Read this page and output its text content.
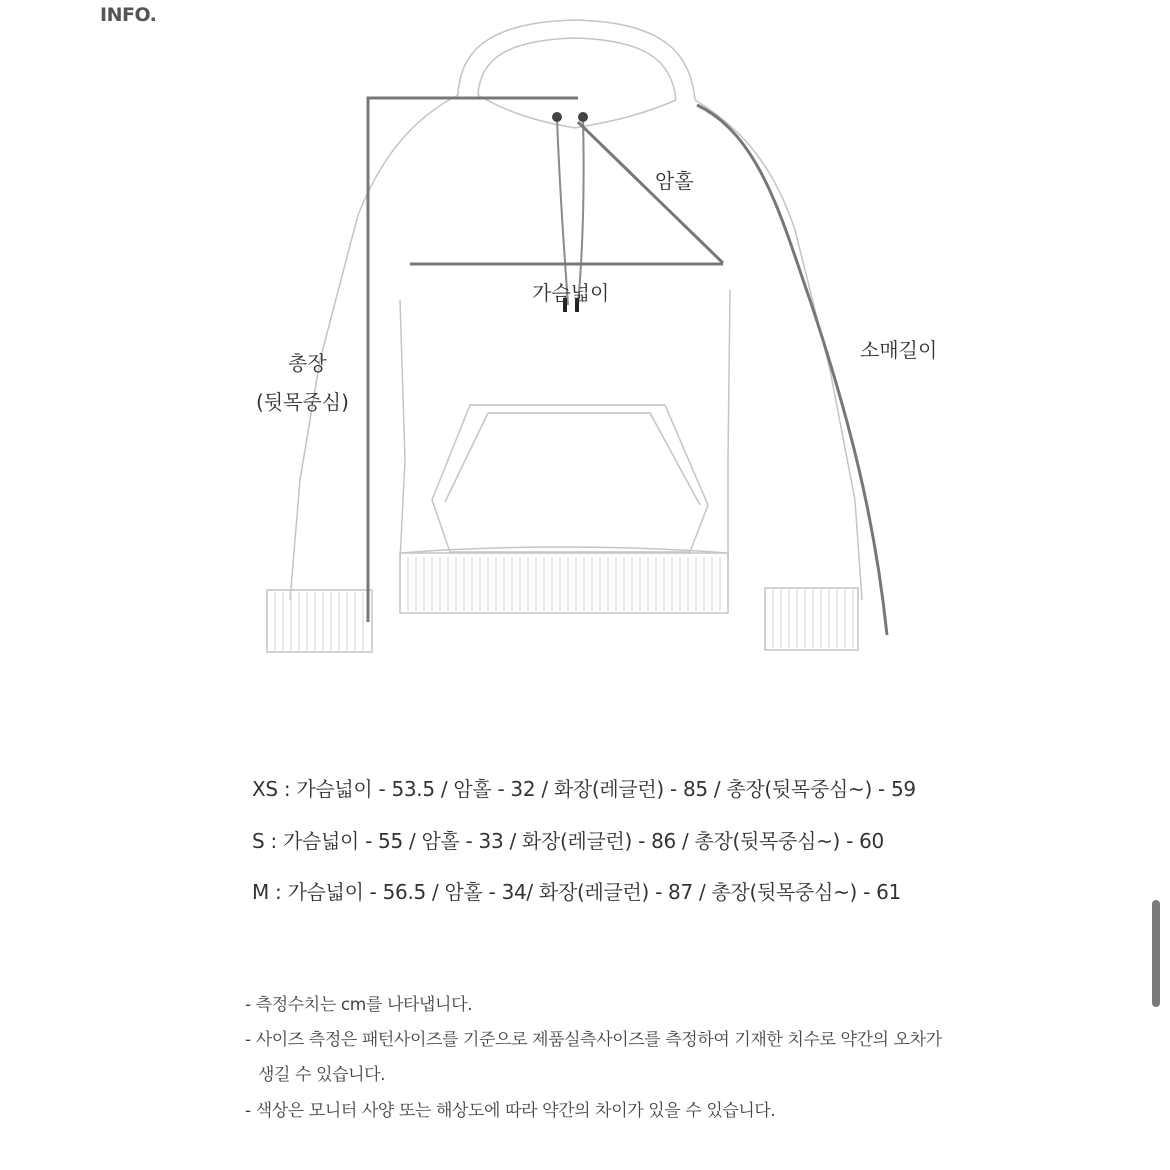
INFO.
암홀
가슴넓이
소매길이
총장
(뒷목중심)
XS : 가슴넓이 - 53.5 / 암홀 - 32 / 화장(레글런) - 85 / 총장(뒷목중심~) - 59
S : 가슴넓이 - 55 / 암홀 - 33 / 화장(레글런) - 86 / 총장(뒷목중심~) - 60
M : 가슴넓이 - 56.5 / 암홀 - 34/ 화장(레글런) - 87 / 총장(뒷목중심~) - 61
- 측정수치는 cm를 나타냅니다.
- 사이즈 측정은 패턴사이즈를 기준으로 제품실측사이즈를 측정하여 기재한 치수로 약간의 오차가
생길 수 있습니다.
- 색상은 모니터 사양 또는 해상도에 따라 약간의 차이가 있을 수 있습니다.
